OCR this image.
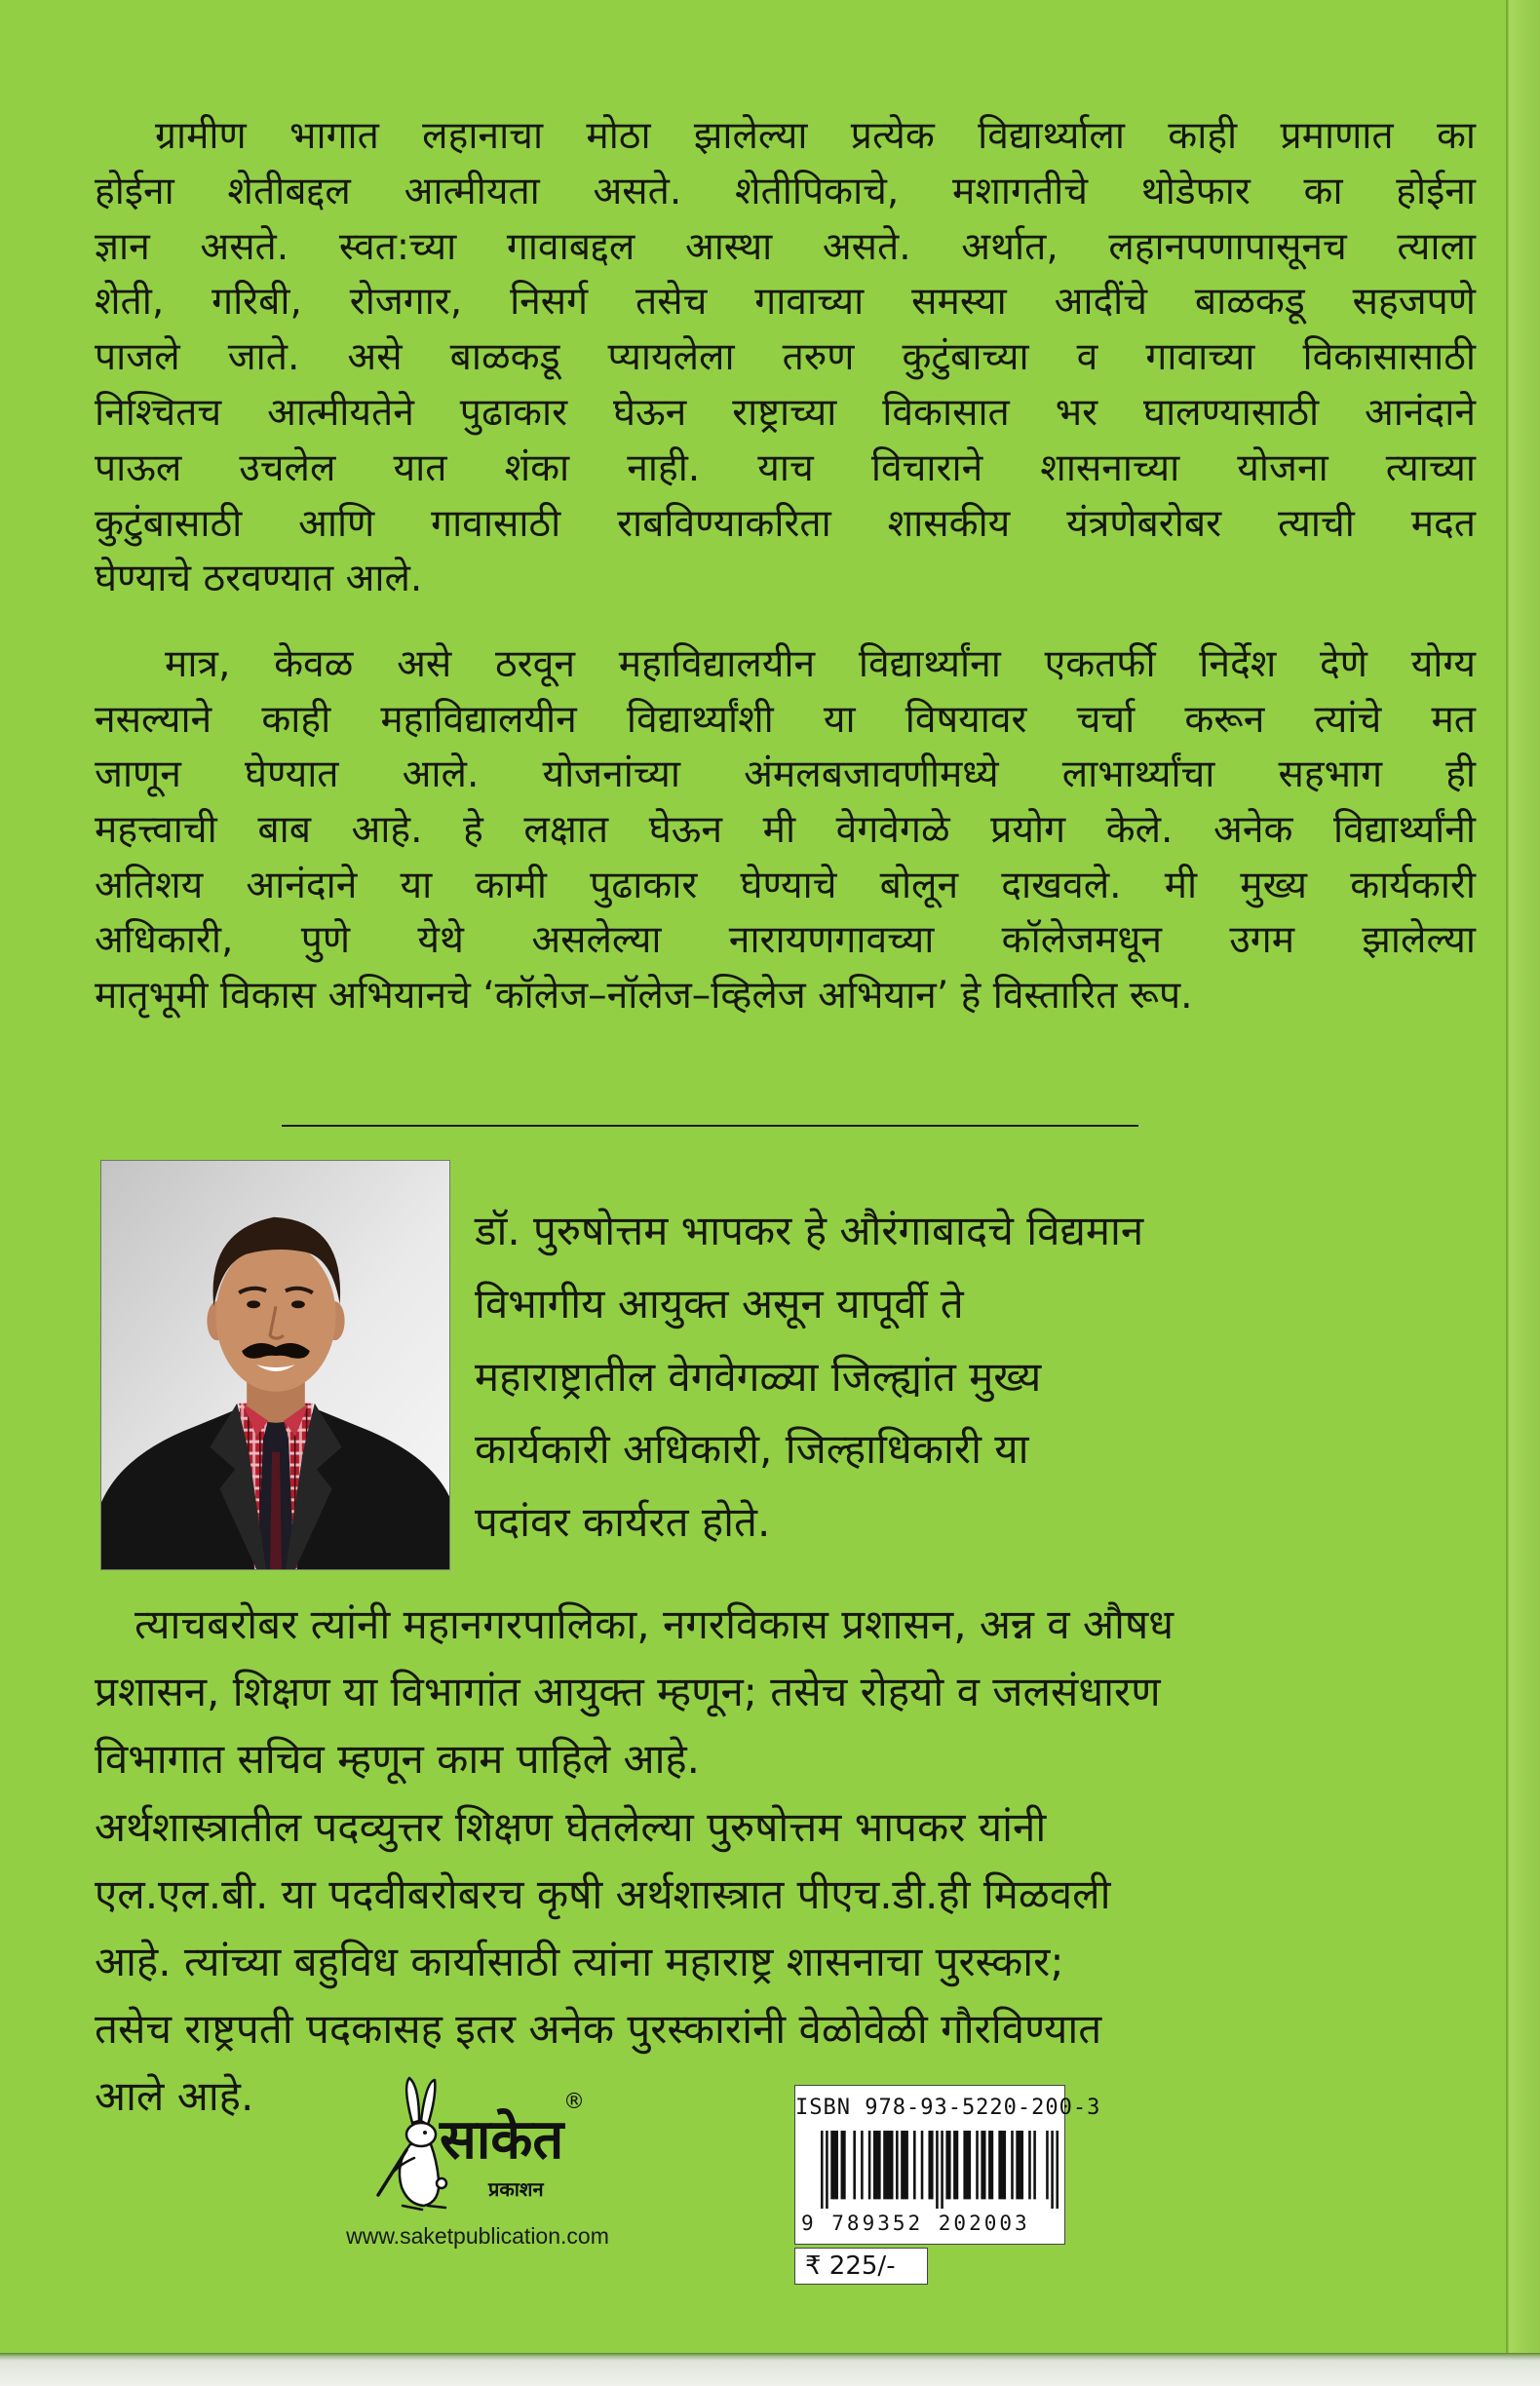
ग्रामीण भागात लहानाचा मोठा झालेल्या प्रत्येक विद्यार्थ्याला काही प्रमाणात का
होईना शेतीबद्दल आत्मीयता असते. शेतीपिकाचे, मशागतीचे थोडेफार का होईना
ज्ञान असते. स्वत:च्या गावाबद्दल आस्था असते. अर्थात, लहानपणापासूनच त्याला
शेती, गरिबी, रोजगार, निसर्ग तसेच गावाच्या समस्या आदींचे बाळकडू सहजपणे
पाजले जाते. असे बाळकडू प्यायलेला तरुण कुटुंबाच्या व गावाच्या विकासासाठी
निश्चितच आत्मीयतेने पुढाकार घेऊन राष्ट्राच्या विकासात भर घालण्यासाठी आनंदाने
पाऊल उचलेल यात शंका नाही. याच विचाराने शासनाच्या योजना त्याच्या
कुटुंबासाठी आणि गावासाठी राबविण्याकरिता शासकीय यंत्रणेबरोबर त्याची मदत
घेण्याचे ठरवण्यात आले.
मात्र, केवळ असे ठरवून महाविद्यालयीन विद्यार्थ्यांना एकतर्फी निर्देश देणे योग्य
नसल्याने काही महाविद्यालयीन विद्यार्थ्यांशी या विषयावर चर्चा करून त्यांचे मत
जाणून घेण्यात आले. योजनांच्या अंमलबजावणीमध्ये लाभार्थ्यांचा सहभाग ही
महत्त्वाची बाब आहे. हे लक्षात घेऊन मी वेगवेगळे प्रयोग केले. अनेक विद्यार्थ्यांनी
अतिशय आनंदाने या कामी पुढाकार घेण्याचे बोलून दाखवले. मी मुख्य कार्यकारी
अधिकारी, पुणे येथे असलेल्या नारायणगावच्या कॉलेजमधून उगम झालेल्या
मातृभूमी विकास अभियानचे ‘कॉलेज–नॉलेज–व्हिलेज अभियान’ हे विस्तारित रूप.
डॉ. पुरुषोत्तम भापकर हे औरंगाबादचे विद्यमान
विभागीय आयुक्त असून यापूर्वी ते
महाराष्ट्रातील वेगवेगळ्या जिल्ह्यांत मुख्य
कार्यकारी अधिकारी, जिल्हाधिकारी या
पदांवर कार्यरत होते.
त्याचबरोबर त्यांनी महानगरपालिका, नगरविकास प्रशासन, अन्न व औषध
प्रशासन, शिक्षण या विभागांत आयुक्त म्हणून; तसेच रोहयो व जलसंधारण
विभागात सचिव म्हणून काम पाहिले आहे.
अर्थशास्त्रातील पदव्युत्तर शिक्षण घेतलेल्या पुरुषोत्तम भापकर यांनी
एल.एल.बी. या पदवीबरोबरच कृषी अर्थशास्त्रात पीएच.डी.ही मिळवली
आहे. त्यांच्या बहुविध कार्यासाठी त्यांना महाराष्ट्र शासनाचा पुरस्कार;
तसेच राष्ट्रपती पदकासह इतर अनेक पुरस्कारांनी वेळोवेळी गौरविण्यात
आले आहे.
साकेत
®
प्रकाशन
www.saketpublication.com
ISBN 978-93-5220-200-3
9 789352 202003
₹ 225/-
